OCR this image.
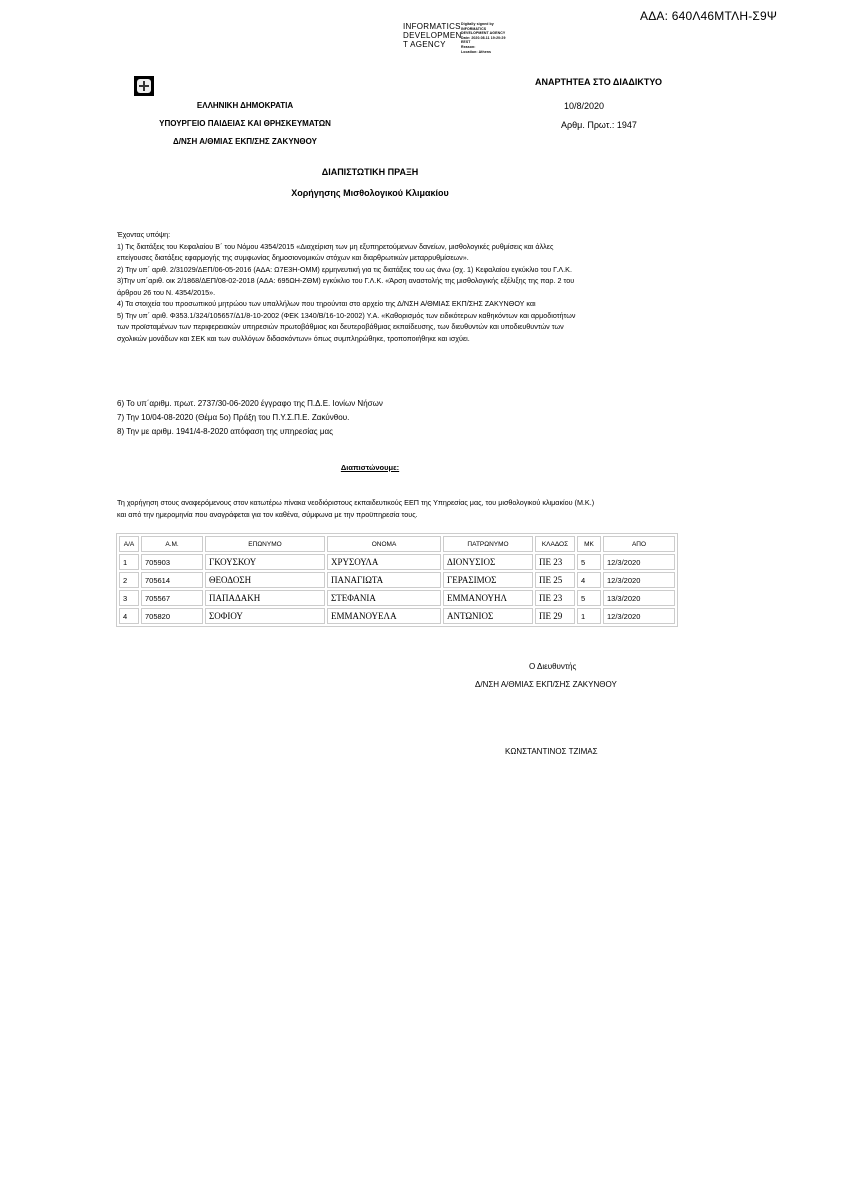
ΑΔΑ: 640Λ46ΜΤΛΗ-Σ9Ψ
INFORMATICS
DEVELOPMEN
T AGENCY
Digitally signed by
INFORMATICS
DEVELOPMENT AGENCY
Date: 2020.08.11 19:20:29
EEST
Reason:
Location: Athens
ΕΛΛΗΝΙΚΗ ΔΗΜΟΚΡΑΤΙΑ
ΥΠΟΥΡΓΕΙΟ ΠΑΙΔΕΙΑΣ ΚΑΙ ΘΡΗΣΚΕΥΜΑΤΩΝ
Δ/ΝΣΗ Α/ΘΜΙΑΣ ΕΚΠ/ΣΗΣ ΖΑΚΥΝΘΟΥ
ΑΝΑΡΤΗΤΕΑ ΣΤΟ ΔΙΑΔΙΚΤΥΟ
10/8/2020
Αρθμ. Πρωτ.: 1947
ΔΙΑΠΙΣΤΩΤΙΚΗ ΠΡΑΞΗ
Χορήγησης Μισθολογικού Κλιμακίου
Έχοντας υπόψη:
1) Τις διατάξεις του Κεφαλαίου Β΄ του Νόμου 4354/2015 «Διαχείριση των μη εξυπηρετούμενων δανείων, μισθολογικές ρυθμίσεις και άλλες επείγουσες διατάξεις εφαρμογής της συμφωνίας δημοσιονομικών στόχων και διαρθρωτικών μεταρρυθμίσεων».
2) Την υπ΄ αριθ. 2/31029/ΔΕΠ/06-05-2016 (ΑΔΑ: Ω7Ε3Η-ΟΜΜ) ερμηνευτική για τις διατάξεις του ως άνω (σχ. 1) Κεφαλαίου εγκύκλιο του Γ.Λ.Κ.
3)Την υπ΄αριθ. οικ 2/1868/ΔΕΠ/08-02-2018 (ΑΔΑ: 695ΩΗ-ΖΘΜ) εγκύκλιο του Γ.Λ.Κ. «Άρση αναστολής της μισθολογικής εξέλιξης της παρ. 2 του άρθρου 26 του Ν. 4354/2015».
4) Τα στοιχεία του προσωπικού μητρώου των υπαλλήλων που τηρούνται στο αρχείο της Δ/ΝΣΗ Α/ΘΜΙΑΣ ΕΚΠ/ΣΗΣ ΖΑΚΥΝΘΟΥ και
5) Την υπ΄ αριθ. Φ353.1/324/105657/Δ1/8-10-2002 (ΦΕΚ 1340/Β/16-10-2002) Υ.Α. «Καθορισμός των ειδικότερων καθηκόντων και αρμοδιοτήτων των προϊσταμένων των περιφερειακών υπηρεσιών πρωτοβάθμιας και δευτεροβάθμιας εκπαίδευσης, των διευθυντών και υποδιευθυντών των σχολικών μονάδων και ΣΕΚ και των συλλόγων διδασκόντων» όπως συμπληρώθηκε, τροποποιήθηκε και ισχύει.
6) Το υπ΄αριθμ. πρωτ. 2737/30-06-2020 έγγραφο της Π.Δ.Ε. Ιονίων Νήσων
7) Την 10/04-08-2020 (Θέμα 5ο) Πράξη του Π.Υ.Σ.Π.Ε. Ζακύνθου.
8) Την με αριθμ. 1941/4-8-2020 απόφαση της υπηρεσίας μας
Διαπιστώνουμε:
Τη χορήγηση στους αναφερόμενους στον κατωτέρω πίνακα νεοδιόριστους εκπαιδευτικούς ΕΕΠ της Υπηρεσίας μας, του μισθολογικού κλιμακίου (Μ.Κ.) και από την ημερομηνία που αναγράφεται για τον καθένα, σύμφωνα με την προϋπηρεσία τους.
Α/Α	Α.Μ.	ΕΠΩΝΥΜΟ	ΟΝΟΜΑ	ΠΑΤΡΩΝΥΜΟ	ΚΛΑΔΟΣ	ΜΚ	ΑΠΟ
1	705903	ΓΚΟΥΣΚΟΥ	ΧΡΥΣΟΥΛΑ	ΔΙΟΝΥΣΙΟΣ	ΠΕ 23	5	12/3/2020
2	705614	ΘΕΟΔΟΣΗ	ΠΑΝΑΓΙΩΤΑ	ΓΕΡΑΣΙΜΟΣ	ΠΕ 25	4	12/3/2020
3	705567	ΠΑΠΑΔΑΚΗ	ΣΤΕΦΑΝΙΑ	ΕΜΜΑΝΟΥΗΛ	ΠΕ 23	5	13/3/2020
4	705820	ΣΟΦΙΟΥ	ΕΜΜΑΝΟΥΕΛΑ	ΑΝΤΩΝΙΟΣ	ΠΕ 29	1	12/3/2020
Ο Διευθυντής
Δ/ΝΣΗ Α/ΘΜΙΑΣ ΕΚΠ/ΣΗΣ ΖΑΚΥΝΘΟΥ
ΚΩΝΣΤΑΝΤΙΝΟΣ ΤΖΙΜΑΣ
